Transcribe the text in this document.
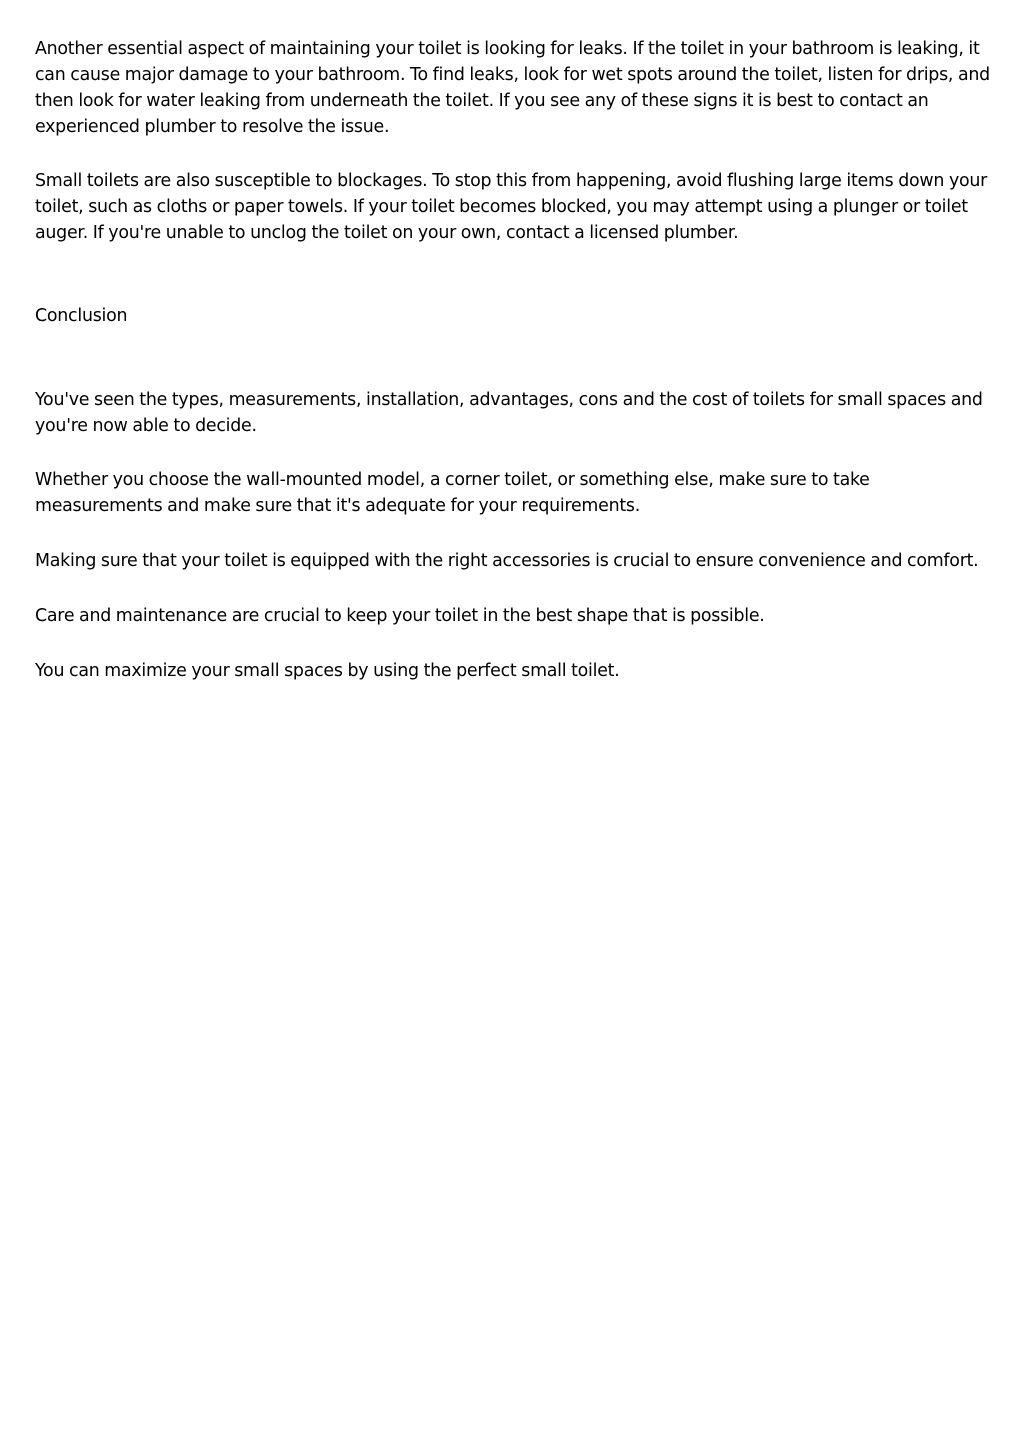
Another essential aspect of maintaining your toilet is looking for leaks. If the toilet in your bathroom is leaking, it can cause major damage to your bathroom. To find leaks, look for wet spots around the toilet, listen for drips, and then look for water leaking from underneath the toilet. If you see any of these signs it is best to contact an experienced plumber to resolve the issue.

Small toilets are also susceptible to blockages. To stop this from happening, avoid flushing large items down your toilet, such as cloths or paper towels. If your toilet becomes blocked, you may attempt using a plunger or toilet auger. If you're unable to unclog the toilet on your own, contact a licensed plumber.

Conclusion

You've seen the types, measurements, installation, advantages, cons and the cost of toilets for small spaces and you're now able to decide.

Whether you choose the wall-mounted model, a corner toilet, or something else, make sure to take measurements and make sure that it's adequate for your requirements.

Making sure that your toilet is equipped with the right accessories is crucial to ensure convenience and comfort.

Care and maintenance are crucial to keep your toilet in the best shape that is possible.

You can maximize your small spaces by using the perfect small toilet.
